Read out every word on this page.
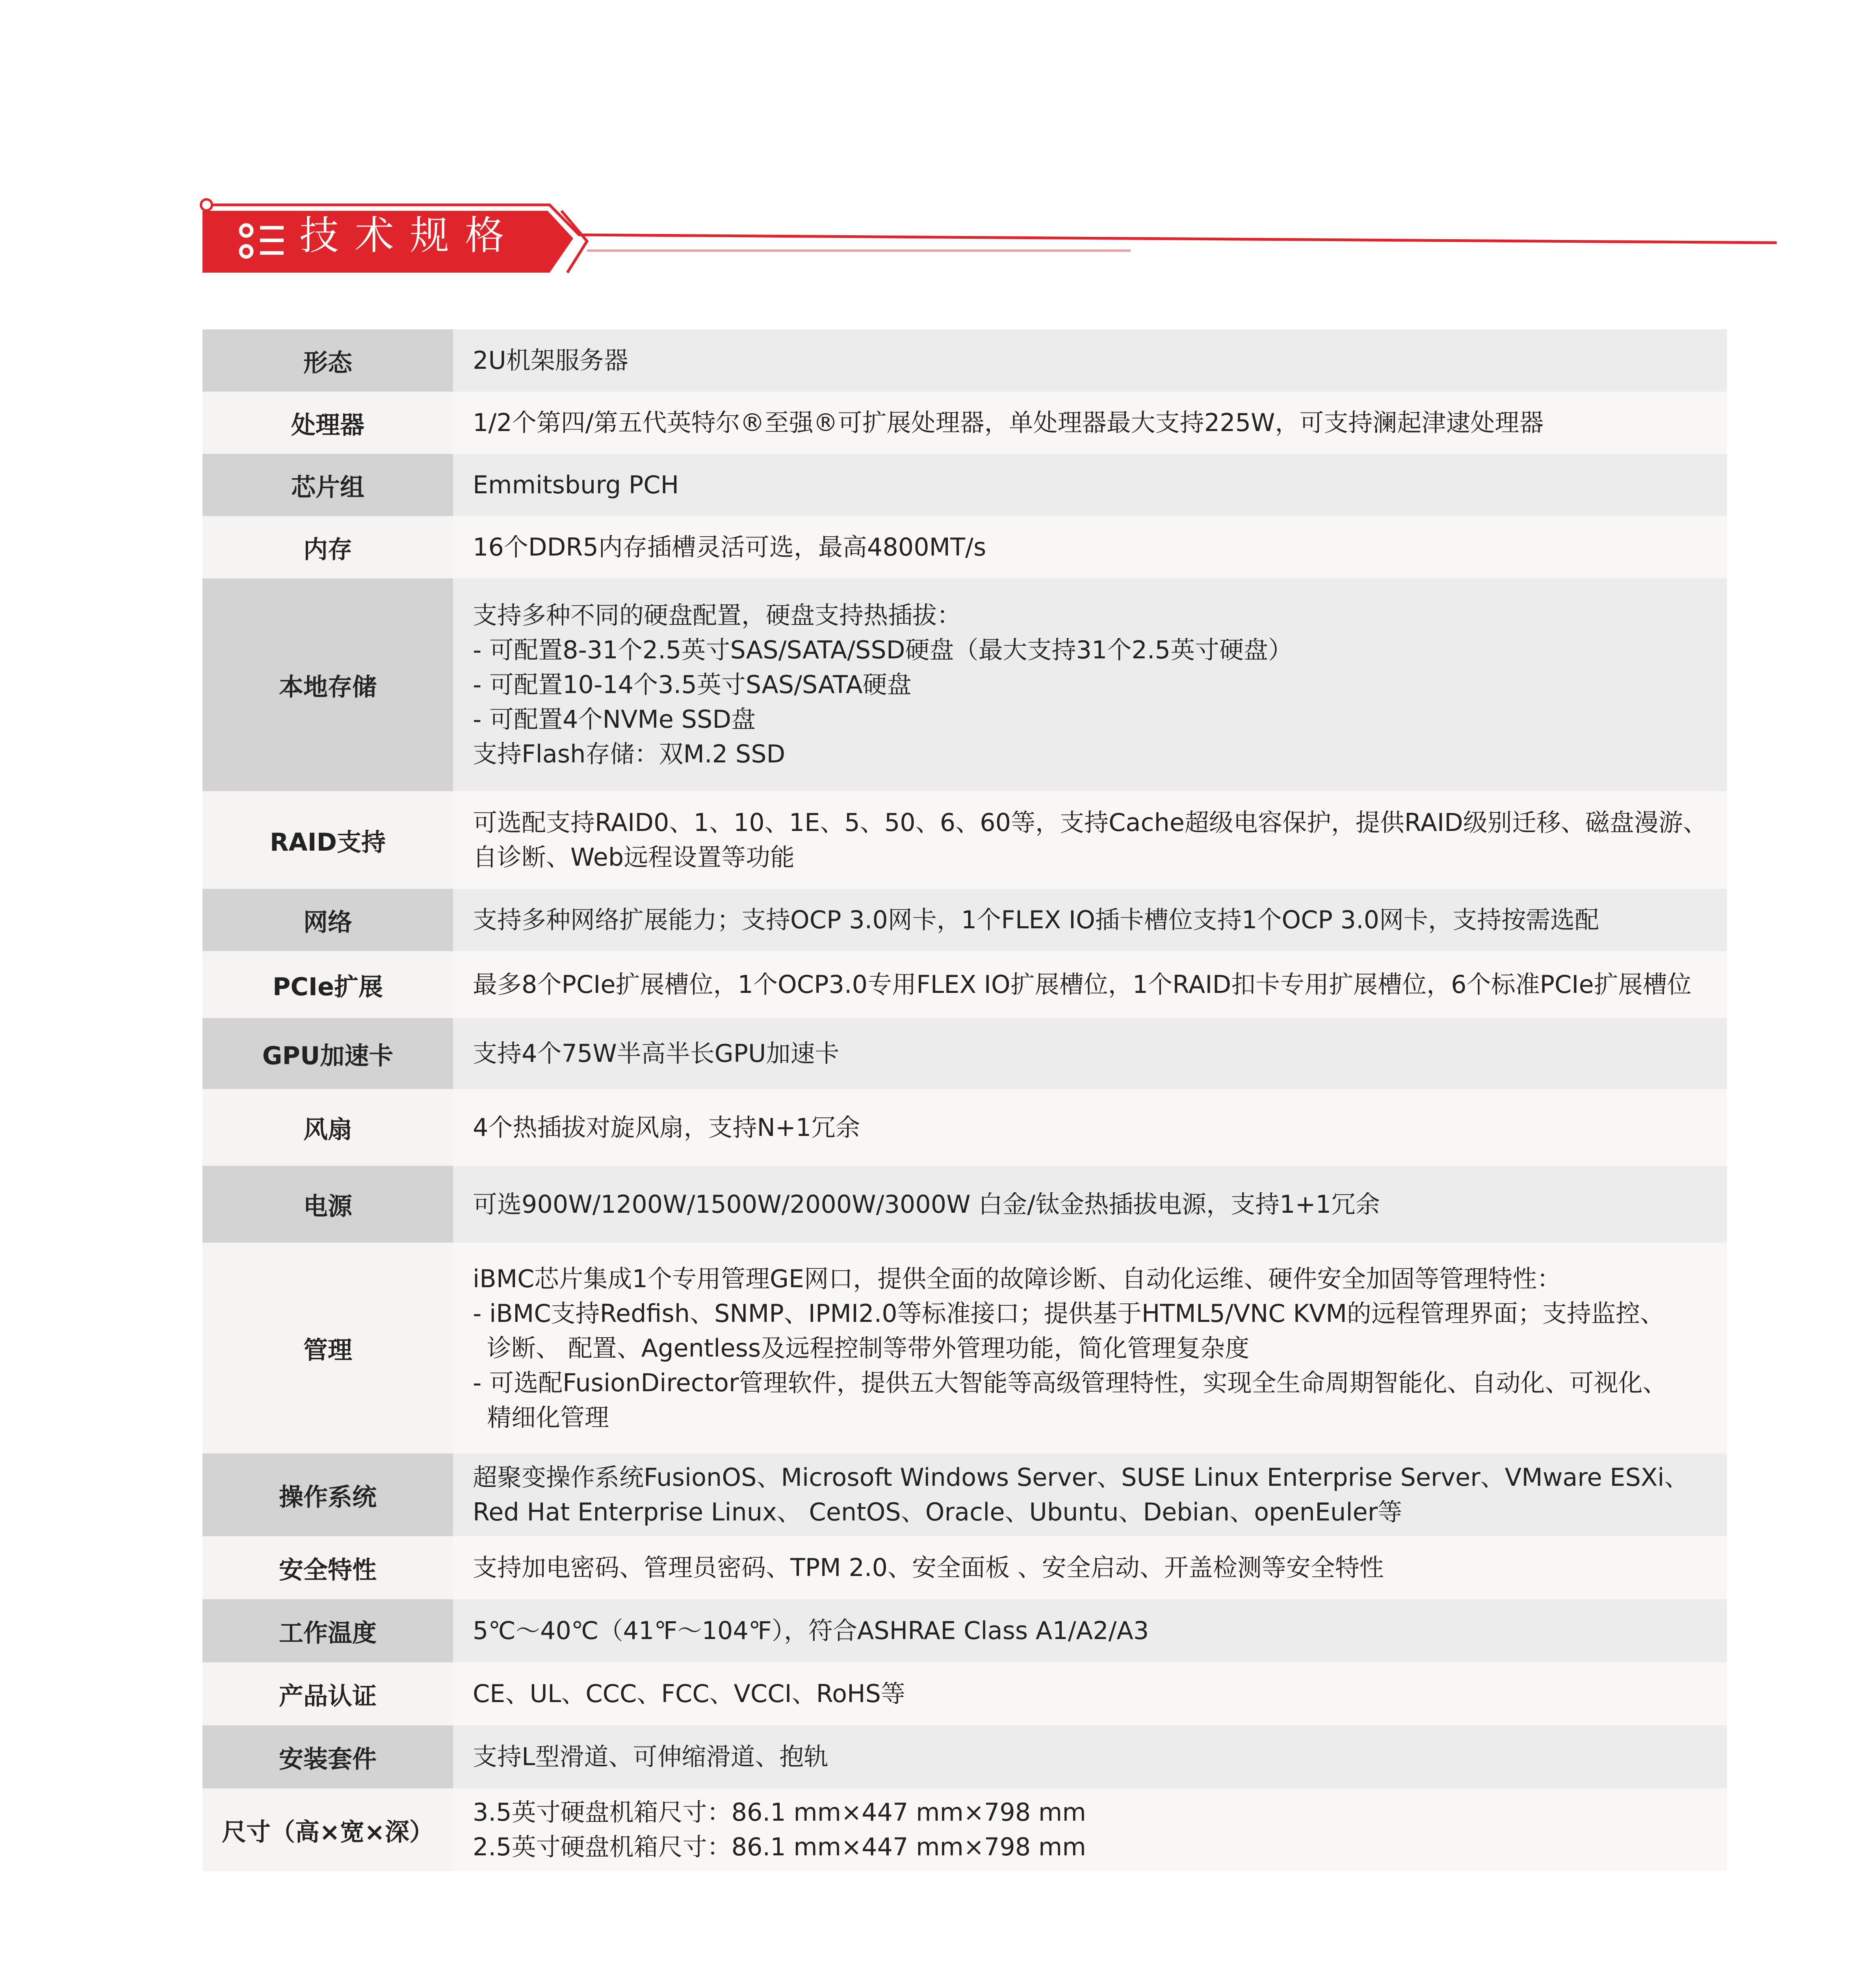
技术规格
形态	2U机架服务器

处理器	1/2个第四/第五代英特尔®至强®可扩展处理器，单处理器最大支持225W，可支持澜起津逮处理器

芯片组	Emmitsburg PCH

内存	16个DDR5内存插槽灵活可选，最高4800MT/s

本地存储	支持多种不同的硬盘配置，硬盘支持热插拔：
- 可配置8-31个2.5英寸SAS/SATA/SSD硬盘（最大支持31个2.5英寸硬盘）
- 可配置10-14个3.5英寸SAS/SATA硬盘
- 可配置4个NVMe SSD盘
支持Flash存储：双M.2 SSD

RAID支持	可选配支持RAID0、1、10、1E、5、50、6、60等，支持Cache超级电容保护，提供RAID级别迁移、磁盘漫游、
自诊断、Web远程设置等功能

网络	支持多种网络扩展能力；支持OCP 3.0网卡，1个FLEX IO插卡槽位支持1个OCP 3.0网卡，支持按需选配

PCIe扩展	最多8个PCIe扩展槽位，1个OCP3.0专用FLEX IO扩展槽位，1个RAID扣卡专用扩展槽位，6个标准PCIe扩展槽位

GPU加速卡	支持4个75W半高半长GPU加速卡

风扇	4个热插拔对旋风扇，支持N+1冗余

电源	可选900W/1200W/1500W/2000W/3000W 白金/钛金热插拔电源，支持1+1冗余

管理	iBMC芯片集成1个专用管理GE网口，提供全面的故障诊断、自动化运维、硬件安全加固等管理特性：
- iBMC支持Redfish、SNMP、IPMI2.0等标准接口；提供基于HTML5/VNC KVM的远程管理界面；支持监控、
诊断、 配置、Agentless及远程控制等带外管理功能，简化管理复杂度
- 可选配FusionDirector管理软件，提供五大智能等高级管理特性，实现全生命周期智能化、自动化、可视化、
精细化管理

操作系统	超聚变操作系统FusionOS、Microsoft Windows Server、SUSE Linux Enterprise Server、VMware ESXi、
Red Hat Enterprise Linux、 CentOS、Oracle、Ubuntu、Debian、openEuler等

安全特性	支持加电密码、管理员密码、TPM 2.0、安全面板 、安全启动、开盖检测等安全特性

工作温度	5℃～40℃（41℉～104℉），符合ASHRAE Class A1/A2/A3

产品认证	CE、UL、CCC、FCC、VCCI、RoHS等

安装套件	支持L型滑道、可伸缩滑道、抱轨

尺寸（高×宽×深）	3.5英寸硬盘机箱尺寸：86.1 mm×447 mm×798 mm
2.5英寸硬盘机箱尺寸：86.1 mm×447 mm×798 mm
